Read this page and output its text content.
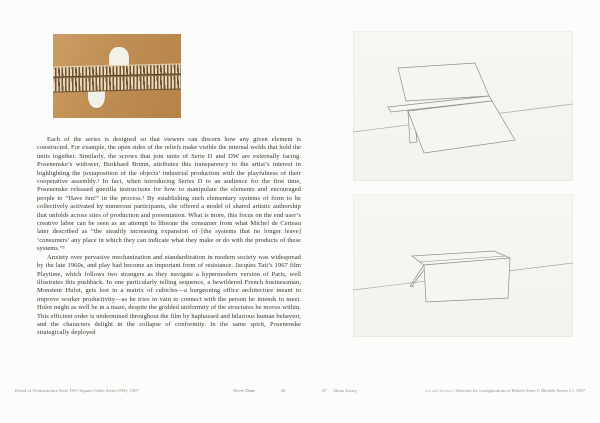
Each of the series is designed so that viewers can discern how any given element is constructed. For example, the open sides of the reliefs make visible the internal welds that hold the units together. Similarly, the screws that join units of Serie D and DW are externally facing. Posenenske’s widower, Burkhard Brunn, attributes this transparency to the artist’s interest in highlighting the juxtaposition of the objects’ industrial production with the playfulness of their cooperative assembly.¹ In fact, when introducing Series D to an audience for the first time, Posenenske released guerilla instructions for how to manipulate the elements and encouraged people to “Have fun!” in the process.² By establishing such elementary systems of form to be collectively activated by numerous participants, she offered a model of shared artistic authorship that unfolds across sites of production and presentation. What is more, this focus on the end user’s creative labor can be seen as an attempt to liberate the consumer from what Michel de Certeau later described as “the steadily increasing expansion of [the systems that no longer leave] ‘consumers’ any place in which they can indicate what they make or do with the products of these systems.”³

Anxiety over pervasive mechanization and standardization in modern society was widespread by the late 1960s, and play had become an important form of resistance. Jacques Tati’s 1967 film Playtime, which follows two strangers as they navigate a hypermodern version of Paris, well illustrates this pushback. In one particularly telling sequence, a bewildered French businessman, Monsieur Hulot, gets lost in a matrix of cubicles—a burgeoning office architecture meant to improve worker productivity—as he tries in vain to connect with the person he intends to meet. Hulot might as well be in a maze, despite the gridded uniformity of the structures he moves within. This efficient order is undermined throughout the film by haphazard and hilarious human behavior, and the characters delight in the collapse of conformity. In the same spirit, Posenenske strategically deployed

Detail of Vierkantrohre Serie DW (Square Tubes Series DW), 1967	Never Done	26	27 Alexis Lowry	top and bottom: Sketches for configurations of Reliefs Serie C (Reliefs Series C), 1967
